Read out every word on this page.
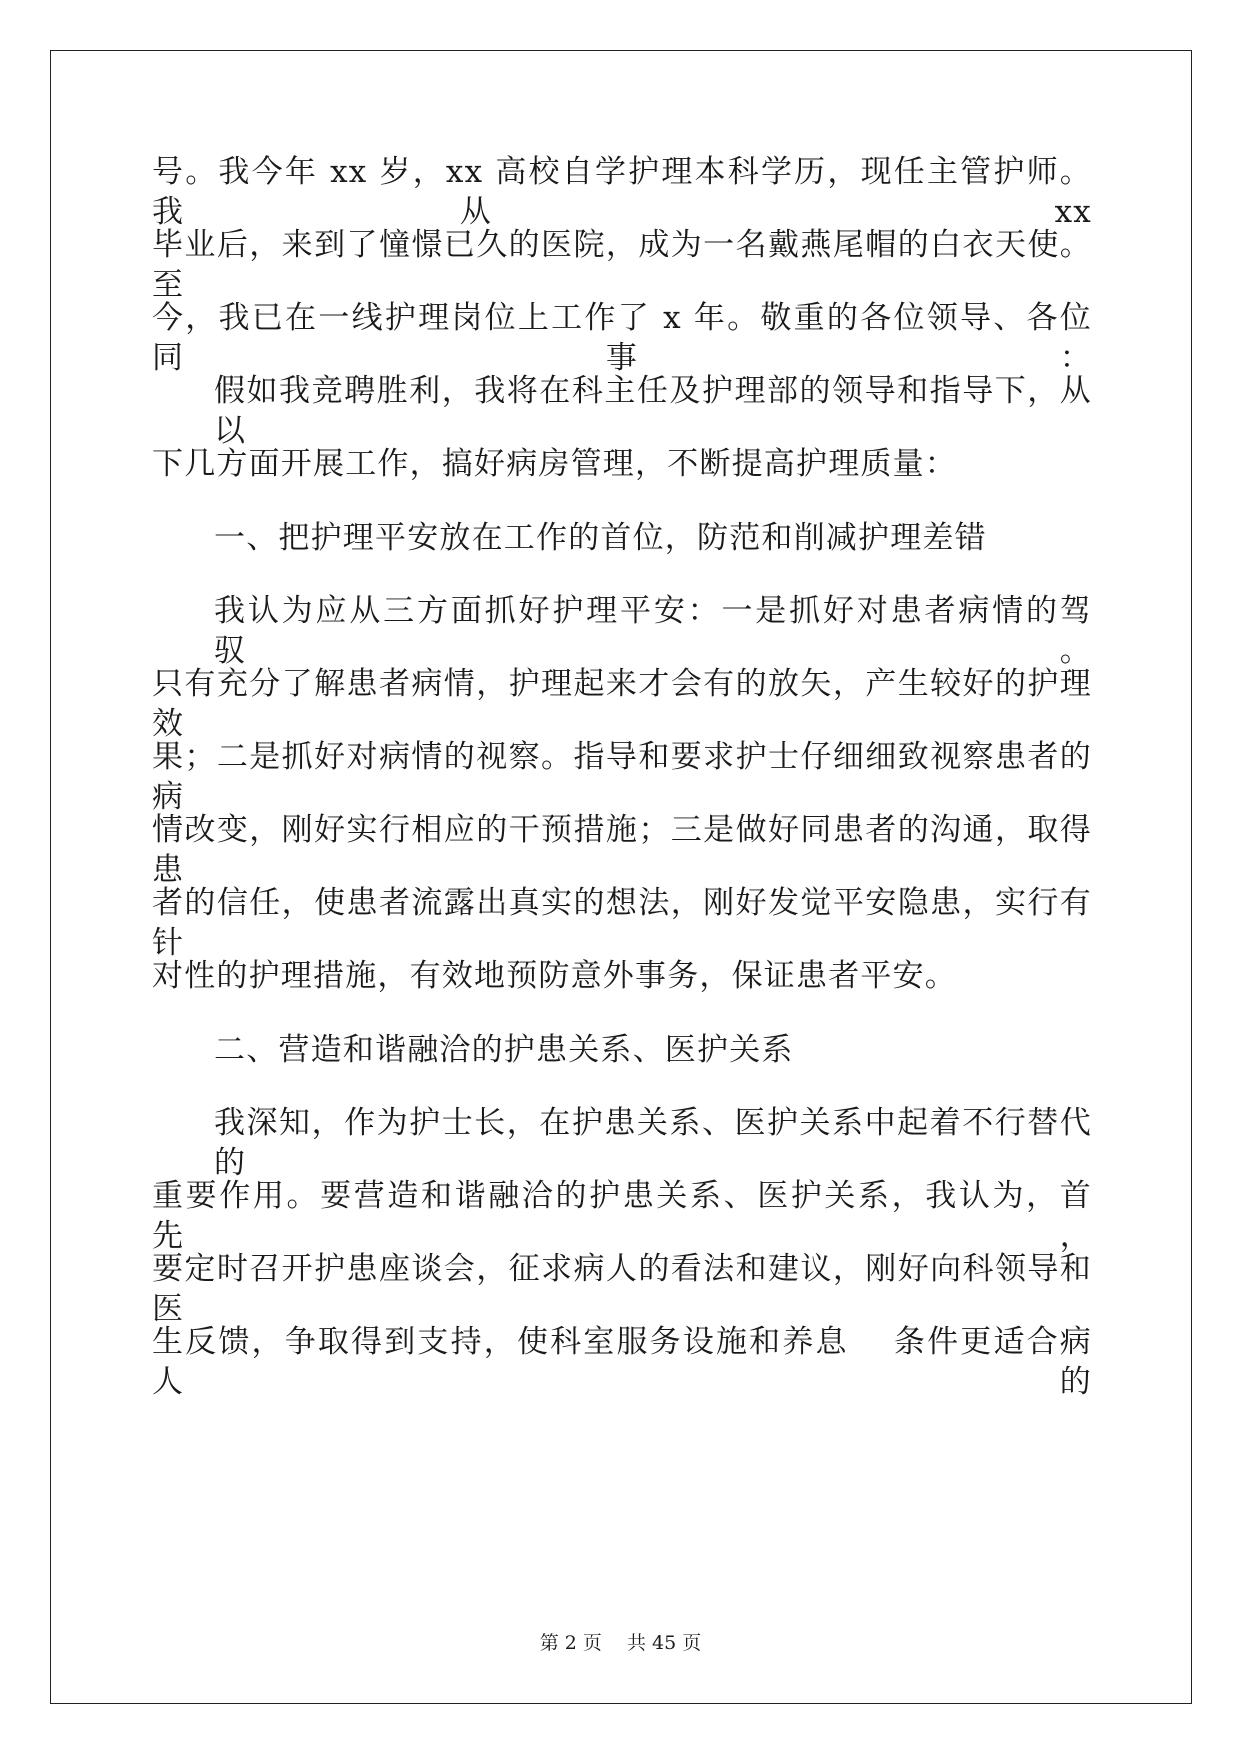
号。我今年 xx 岁，xx 高校自学护理本科学历，现任主管护师。我从 xx
毕业后，来到了憧憬已久的医院，成为一名戴燕尾帽的白衣天使。至
今，我已在一线护理岗位上工作了 x 年。敬重的各位领导、各位同事：
假如我竞聘胜利，我将在科主任及护理部的领导和指导下，从以
下几方面开展工作，搞好病房管理，不断提高护理质量：
一、把护理平安放在工作的首位，防范和削减护理差错
我认为应从三方面抓好护理平安：一是抓好对患者病情的驾驭。
只有充分了解患者病情，护理起来才会有的放矢，产生较好的护理效
果；二是抓好对病情的视察。指导和要求护士仔细细致视察患者的病
情改变，刚好实行相应的干预措施；三是做好同患者的沟通，取得患
者的信任，使患者流露出真实的想法，刚好发觉平安隐患，实行有针
对性的护理措施，有效地预防意外事务，保证患者平安。
二、营造和谐融洽的护患关系、医护关系
我深知，作为护士长，在护患关系、医护关系中起着不行替代的
重要作用。要营造和谐融洽的护患关系、医护关系，我认为，首先，
要定时召开护患座谈会，征求病人的看法和建议，刚好向科领导和医
生反馈，争取得到支持，使科室服务设施和养息　 条件更适合病人的
第 2 页　 共 45 页
